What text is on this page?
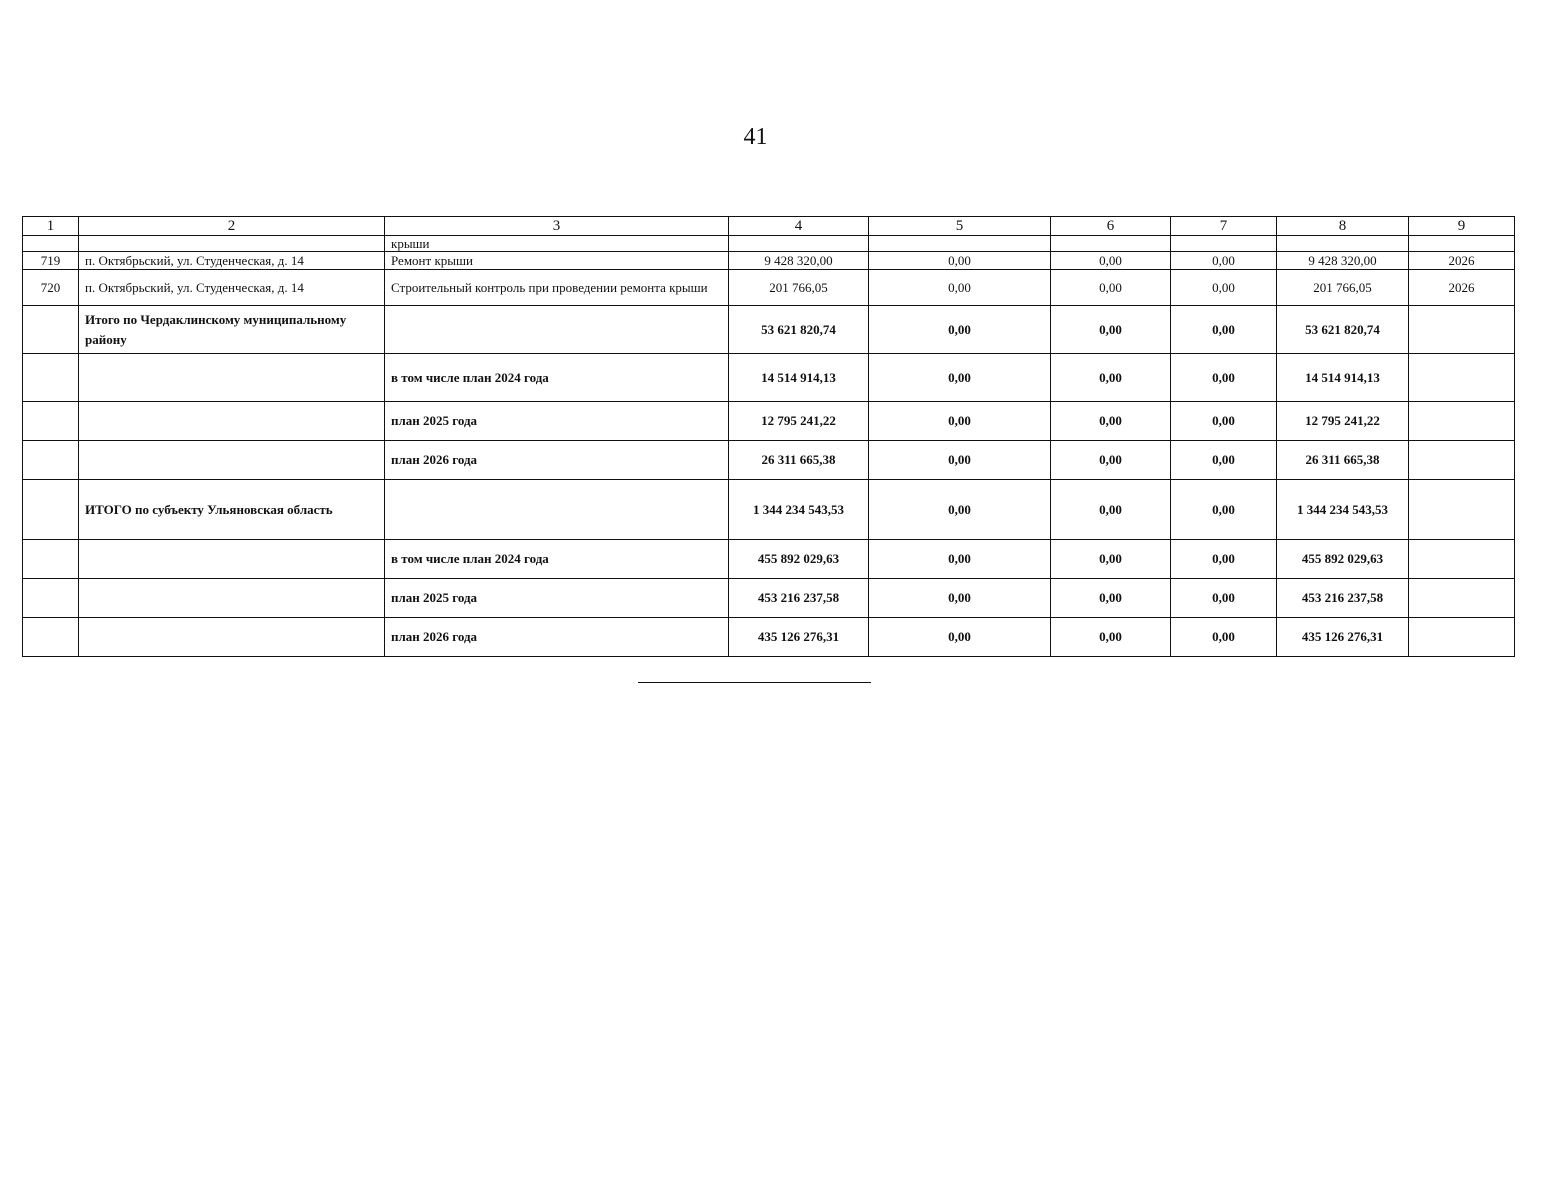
41
1	2	3	4	5	6	7	8	9
		крыши						
719	п. Октябрьский, ул. Студенческая, д. 14	Ремонт крыши	9 428 320,00	0,00	0,00	0,00	9 428 320,00	2026
720	п. Октябрьский, ул. Студенческая, д. 14	Строительный контроль при проведении ремонта крыши	201 766,05	0,00	0,00	0,00	201 766,05	2026
	Итого по Чердаклинскому муниципальному району		53 621 820,74	0,00	0,00	0,00	53 621 820,74	
		в том числе план 2024 года	14 514 914,13	0,00	0,00	0,00	14 514 914,13	
		план 2025 года	12 795 241,22	0,00	0,00	0,00	12 795 241,22	
		план 2026 года	26 311 665,38	0,00	0,00	0,00	26 311 665,38	
	ИТОГО по субъекту Ульяновская область		1 344 234 543,53	0,00	0,00	0,00	1 344 234 543,53	
		в том числе план 2024 года	455 892 029,63	0,00	0,00	0,00	455 892 029,63	
		план 2025 года	453 216 237,58	0,00	0,00	0,00	453 216 237,58	
		план 2026 года	435 126 276,31	0,00	0,00	0,00	435 126 276,31	
